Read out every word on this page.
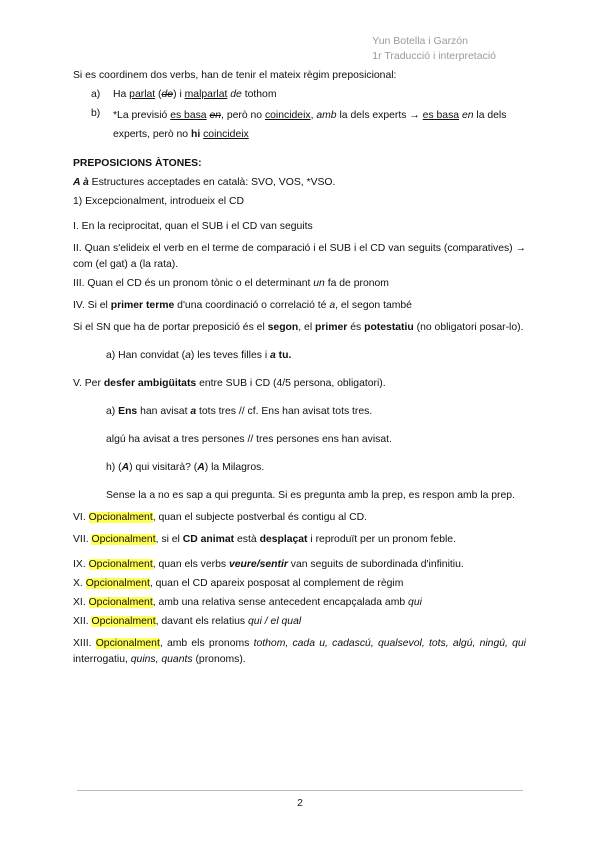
Yun Botella i Garzón
1r Traducció i interpretació

Si es coordinem dos verbs, han de tenir el mateix règim preposicional:

a)	Ha parlat (de) i malparlat de tothom
b)	*La previsió es basa en, però no coincideix, amb la dels experts → es basa en la dels experts, però no hi coincideix

PREPOSICIONS ÀTONES:

A à Estructures acceptades en català: SVO, VOS, *VSO.

1) Excepcionalment, introdueix el CD

I. En la reciprocitat, quan el SUB i el CD van seguits

II. Quan s'elideix el verb en el terme de comparació i el SUB i el CD van seguits (comparatives) → com (el gat) a (la rata).

III. Quan el CD és un pronom tònic o el determinant un fa de pronom

IV. Si el primer terme d'una coordinació o correlació té a, el segon també

Si el SN que ha de portar preposició és el segon, el primer és potestatiu (no obligatori posar-lo).

a) Han convidat (a) les teves filles i a tu.

V. Per desfer ambigüitats entre SUB i CD (4/5 persona, obligatori).

a) Ens han avisat a tots tres // cf. Ens han avisat tots tres.

algú ha avisat a tres persones // tres persones ens han avisat.

h) (A) qui visitarà? (A) la Milagros.

Sense la a no es sap a qui pregunta. Si es pregunta amb la prep, es respon amb la prep.

VI. Opcionalment, quan el subjecte postverbal és contigu al CD.

VII. Opcionalment, si el CD animat està desplaçat i reproduït per un pronom feble.

IX. Opcionalment, quan els verbs veure/sentir van seguits de subordinada d'infinitiu.

X. Opcionalment, quan el CD apareix posposat al complement de règim

XI. Opcionalment, amb una relativa sense antecedent encapçalada amb qui

XII. Opcionalment, davant els relatius qui / el qual

XIII. Opcionalment, amb els pronoms tothom, cada u, cadascú, qualsevol, tots, algú, ningú, qui interrogatiu, quins, quants (pronoms).

2
